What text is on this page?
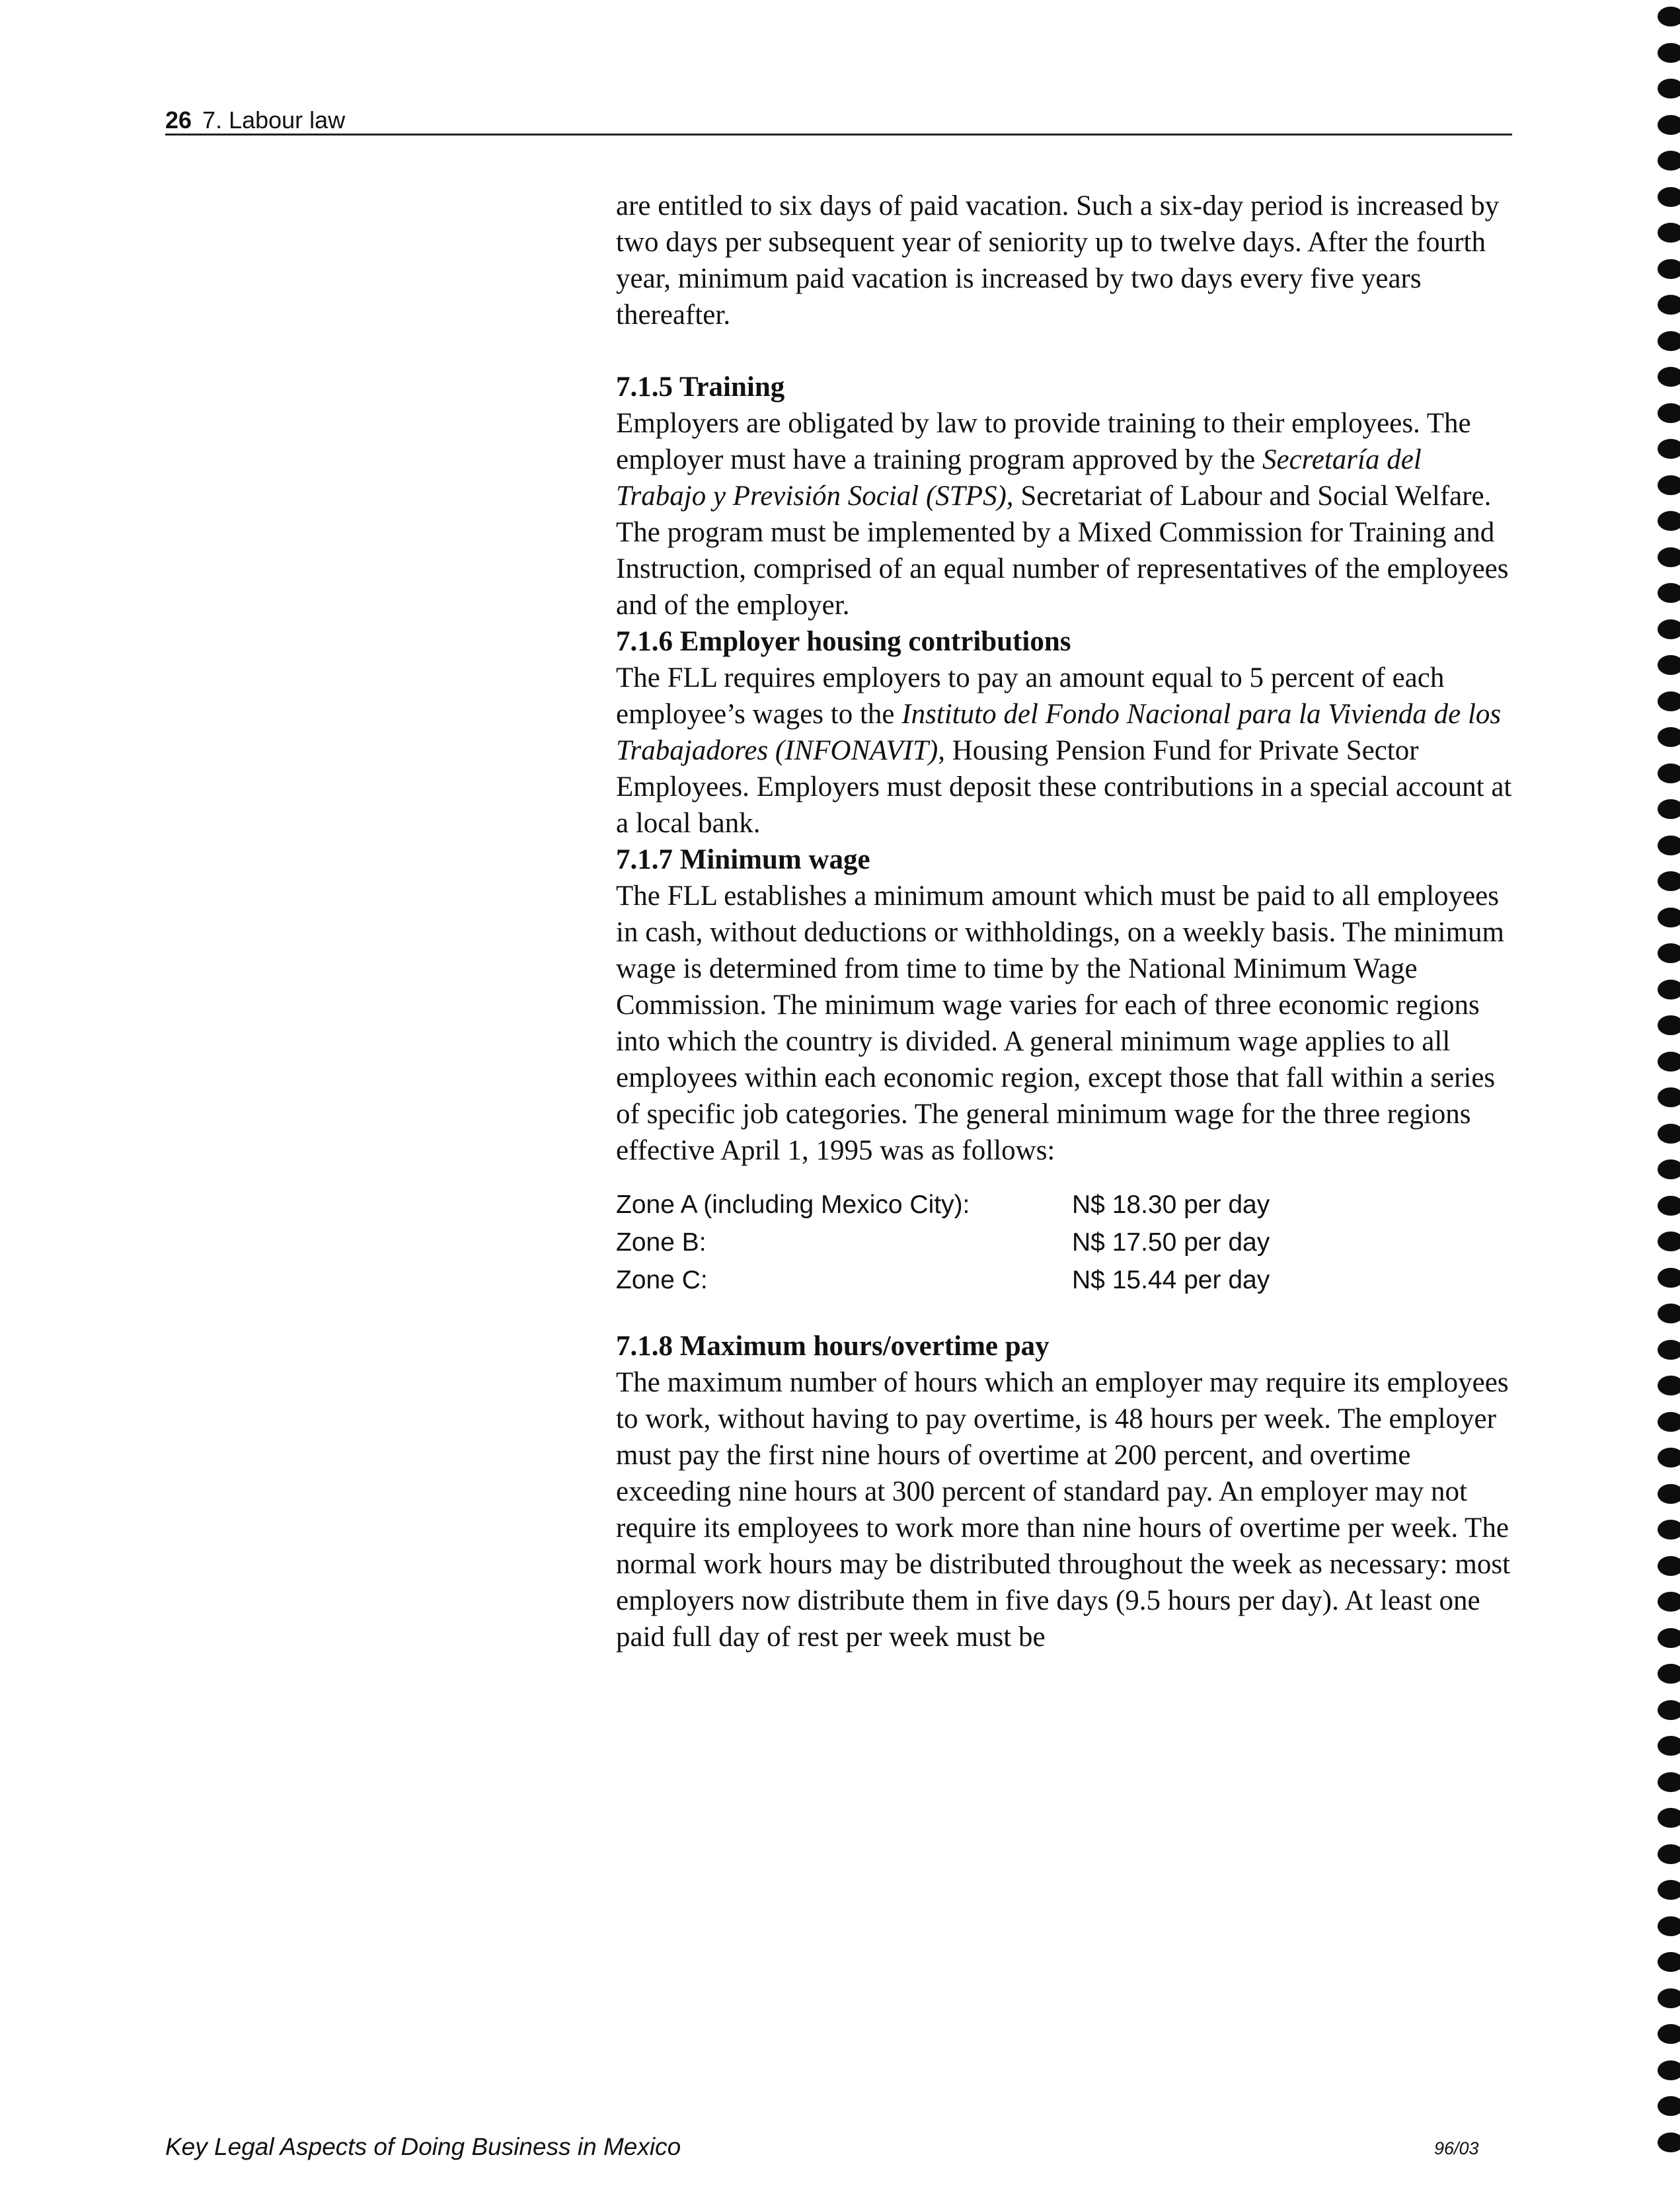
26 7. Labour law

are entitled to six days of paid vacation. Such a six-day period is increased by two days per subsequent year of seniority up to twelve days. After the fourth year, minimum paid vacation is increased by two days every five years thereafter.

7.1.5 Training

Employers are obligated by law to provide training to their employees. The employer must have a training program approved by the Secretaría del Trabajo y Previsión Social (STPS), Secretariat of Labour and Social Welfare. The program must be implemented by a Mixed Commission for Training and Instruction, comprised of an equal number of representatives of the employees and of the employer.

7.1.6 Employer housing contributions

The FLL requires employers to pay an amount equal to 5 percent of each employee’s wages to the Instituto del Fondo Nacional para la Vivienda de los Trabajadores (INFONAVIT), Housing Pension Fund for Private Sector Employees. Employers must deposit these contributions in a special account at a local bank.

7.1.7 Minimum wage

The FLL establishes a minimum amount which must be paid to all employees in cash, without deductions or withholdings, on a weekly basis. The minimum wage is determined from time to time by the National Minimum Wage Commission. The minimum wage varies for each of three economic regions into which the country is divided. A general minimum wage applies to all employees within each economic region, except those that fall within a series of specific job categories. The general minimum wage for the three regions effective April 1, 1995 was as follows:

Zone A (including Mexico City):	N$ 18.30 per day
Zone B:	N$ 17.50 per day
Zone C:	N$ 15.44 per day
7.1.8 Maximum hours/overtime pay

The maximum number of hours which an employer may require its employees to work, without having to pay overtime, is 48 hours per week. The employer must pay the first nine hours of overtime at 200 percent, and overtime exceeding nine hours at 300 percent of standard pay. An employer may not require its employees to work more than nine hours of overtime per week. The normal work hours may be distributed throughout the week as necessary: most employers now distribute them in five days (9.5 hours per day). At least one paid full day of rest per week must be

Key Legal Aspects of Doing Business in Mexico	96/03
